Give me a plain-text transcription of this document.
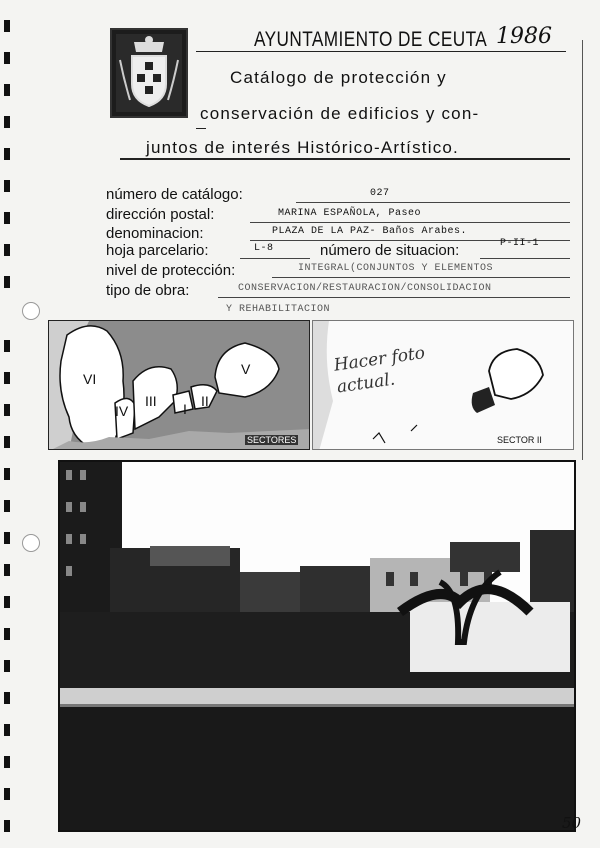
AYUNTAMIENTO DE CEUTA 1986
Catálogo de protección y
conservación de edificios y con-
juntos de interés Histórico-Artístico.
número de catálogo:	027
dirección postal:	MARINA ESPAÑOLA, Paseo
denominacion:	PLAZA DE LA PAZ- Baños Arabes.
hoja parcelario:	L-8	número de situacion:	P-II-1
nivel de protección:	INTEGRAL(CONJUNTOS Y ELEMENTOS
tipo de obra:	CONSERVACION/RESTAURACION/CONSOLIDACION
Y REHABILITACION
VI
IV
III I II
V
SECTORES
Hacer foto actual.
SECTOR II
50
